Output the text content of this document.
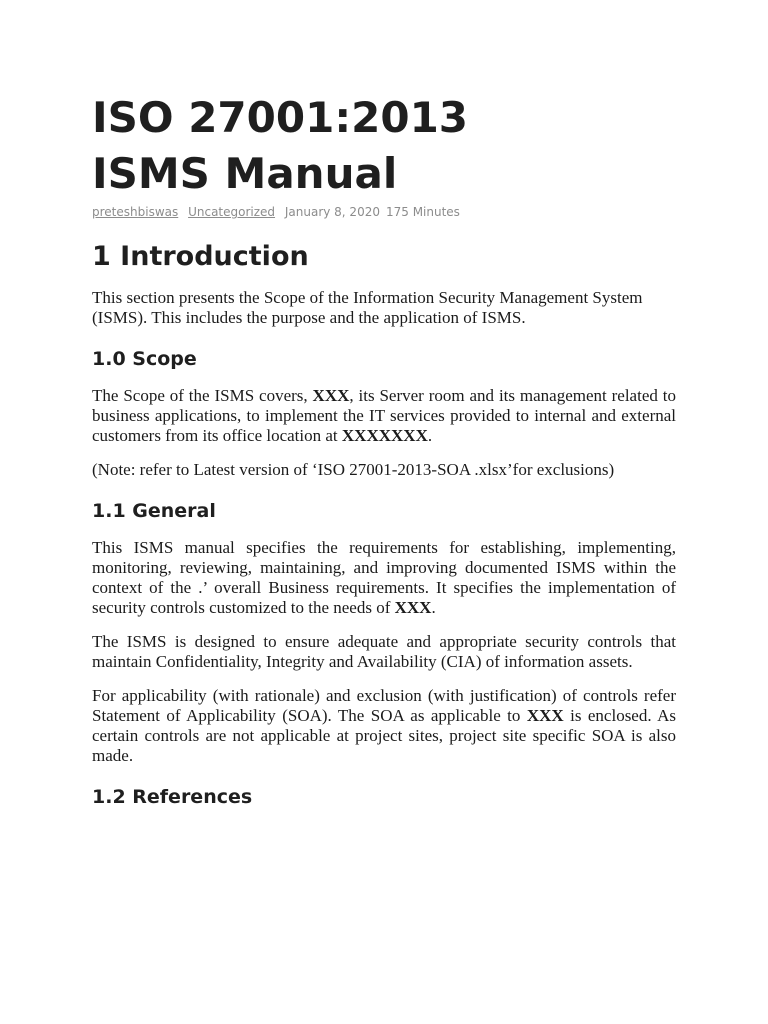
ISO 27001:2013
ISMS Manual
preteshbiswas Uncategorized January 8, 2020 175 Minutes
1 Introduction

This section presents the Scope of the Information Security Management System (ISMS). This includes the purpose and the application of ISMS.

1.0 Scope

The Scope of the ISMS covers, XXX, its Server room and its management related to business applications, to implement the IT services provided to internal and external customers from its office location at XXXXXXX.

(Note: refer to Latest version of ‘ISO 27001-2013-SOA .xlsx’for exclusions)

1.1 General

This ISMS manual specifies the requirements for establishing, implementing, monitoring, reviewing, maintaining, and improving documented ISMS within the context of the .’ overall Business requirements. It specifies the implementation of security controls customized to the needs of XXX.

The ISMS is designed to ensure adequate and appropriate security controls that maintain Confidentiality, Integrity and Availability (CIA) of information assets.

For applicability (with rationale) and exclusion (with justification) of controls refer Statement of Applicability (SOA). The SOA as applicable to XXX is enclosed. As certain controls are not applicable at project sites, project site specific SOA is also made.

1.2 References
